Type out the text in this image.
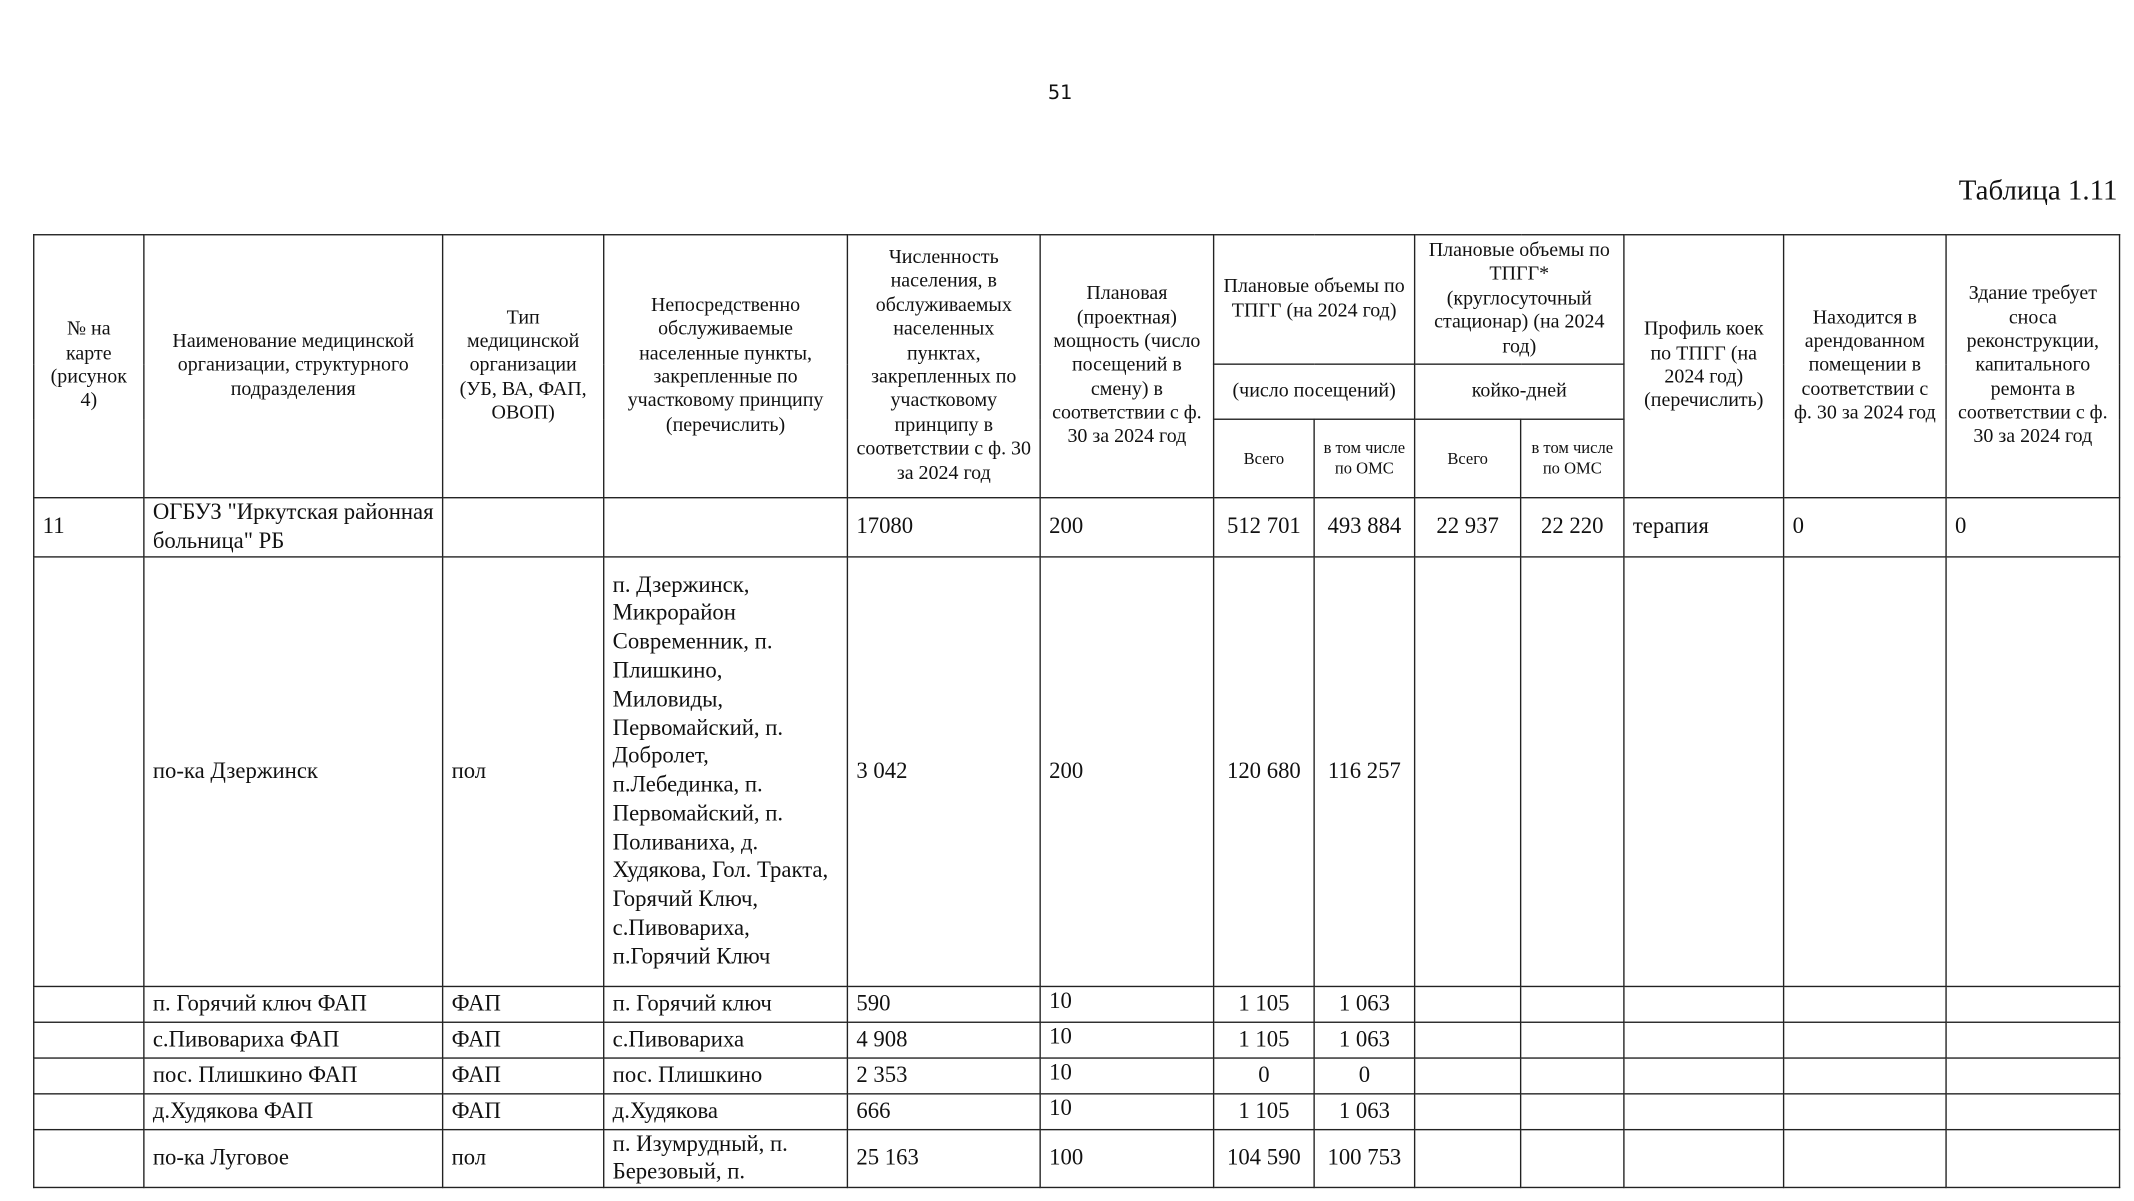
51
Таблица 1.11
№ на карте (рисунок 4)	Наименование медицинской организации, структурного подразделения	Тип медицинской организации (УБ, ВА, ФАП, ОВОП)	Непосредственно обслуживаемые населенные пункты, закрепленные по участковому принципу (перечислить)	Численность населения, в обслуживаемых населенных пунктах, закрепленных по участковому принципу в соответствии с ф. 30 за 2024 год	Плановая (проектная) мощность (число посещений в смену) в соответствии с ф. 30 за 2024 год	Плановые объемы по ТПГГ (на 2024 год)		Плановые объемы по ТПГГ* (круглосуточный стационар) (на 2024 год)		Профиль коек по ТПГГ (на 2024 год) (перечислить)	Находится в арендованном помещении в соответствии с ф. 30 за 2024 год	Здание требует сноса реконструкции, капитального ремонта в соответствии с ф. 30 за 2024 год
						(число посещений)		койко-дней				
						Всего	в том числе по ОМС	Всего	в том числе по ОМС			
11	ОГБУЗ "Иркутская районная больница" РБ			17080	200	512 701	493 884	22 937	22 220	терапия	0	0
	по-ка Дзержинск	пол	п. Дзержинск, Микрорайон Современник, п. Плишкино, Миловиды, Первомайский, п. Добролет, п.Лебединка, п. Первомайский, п. Поливаниха, д. Худякова, Гол. Тракта, Горячий Ключ, с.Пивовариха, п.Горячий Ключ	3 042	200	120 680	116 257					
	п. Горячий ключ ФАП	ФАП	п. Горячий ключ	590	10	1 105	1 063					
	с.Пивовариха ФАП	ФАП	с.Пивовариха	4 908	10	1 105	1 063					
	пос. Плишкино ФАП	ФАП	пос. Плишкино	2 353	10	0	0					
	д.Худякова ФАП	ФАП	д.Худякова	666	10	1 105	1 063					
	по-ка Луговое	пол	п. Изумрудный, п. Березовый, п.	25 163	100	104 590	100 753					
